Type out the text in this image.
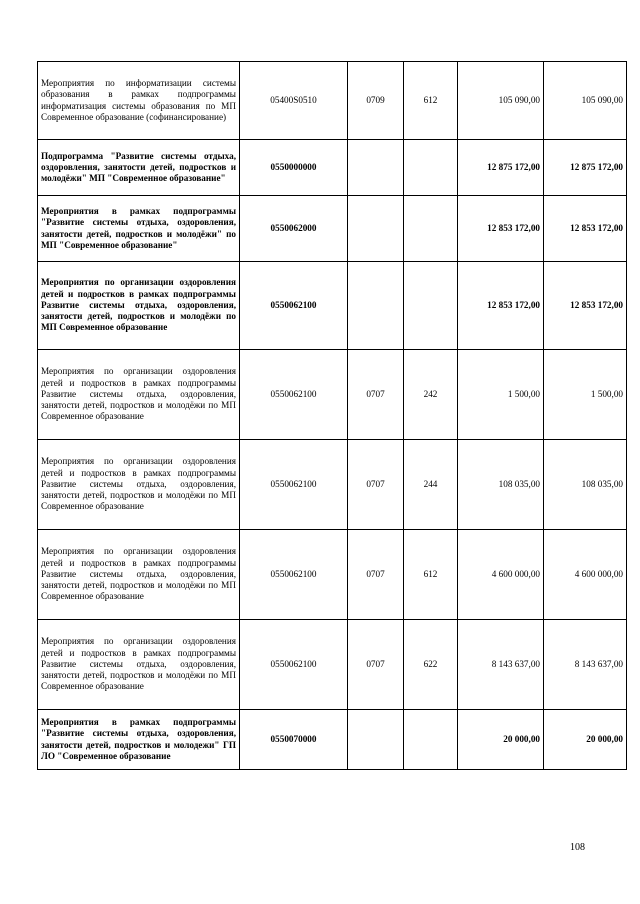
Мероприятия по информатизации системы образования в рамках подпрограммы информатизация системы образования по МП Современное образование (софинансирование)	05400S0510	0709	612	105 090,00	105 090,00
Подпрограмма "Развитие системы отдыха, оздоровления, занятости детей, подростков и молодёжи" МП "Современное образование"	0550000000			12 875 172,00	12 875 172,00
Мероприятия в рамках подпрограммы "Развитие системы отдыха, оздоровления, занятости детей, подростков и молодёжи" по МП "Современное образование"	0550062000			12 853 172,00	12 853 172,00
Мероприятия по организации оздоровления детей и подростков в рамках подпрограммы Развитие системы отдыха, оздоровления, занятости детей, подростков и молодёжи по МП Современное образование	0550062100			12 853 172,00	12 853 172,00
Мероприятия по организации оздоровления детей и подростков в рамках подпрограммы Развитие системы отдыха, оздоровления, занятости детей, подростков и молодёжи по МП Современное образование	0550062100	0707	242	1 500,00	1 500,00
Мероприятия по организации оздоровления детей и подростков в рамках подпрограммы Развитие системы отдыха, оздоровления, занятости детей, подростков и молодёжи по МП Современное образование	0550062100	0707	244	108 035,00	108 035,00
Мероприятия по организации оздоровления детей и подростков в рамках подпрограммы Развитие системы отдыха, оздоровления, занятости детей, подростков и молодёжи по МП Современное образование	0550062100	0707	612	4 600 000,00	4 600 000,00
Мероприятия по организации оздоровления детей и подростков в рамках подпрограммы Развитие системы отдыха, оздоровления, занятости детей, подростков и молодёжи по МП Современное образование	0550062100	0707	622	8 143 637,00	8 143 637,00
Мероприятия в рамках подпрограммы "Развитие системы отдыха, оздоровления, занятости детей, подростков и молодежи" ГП ЛО "Современное образование	0550070000			20 000,00	20 000,00
108
